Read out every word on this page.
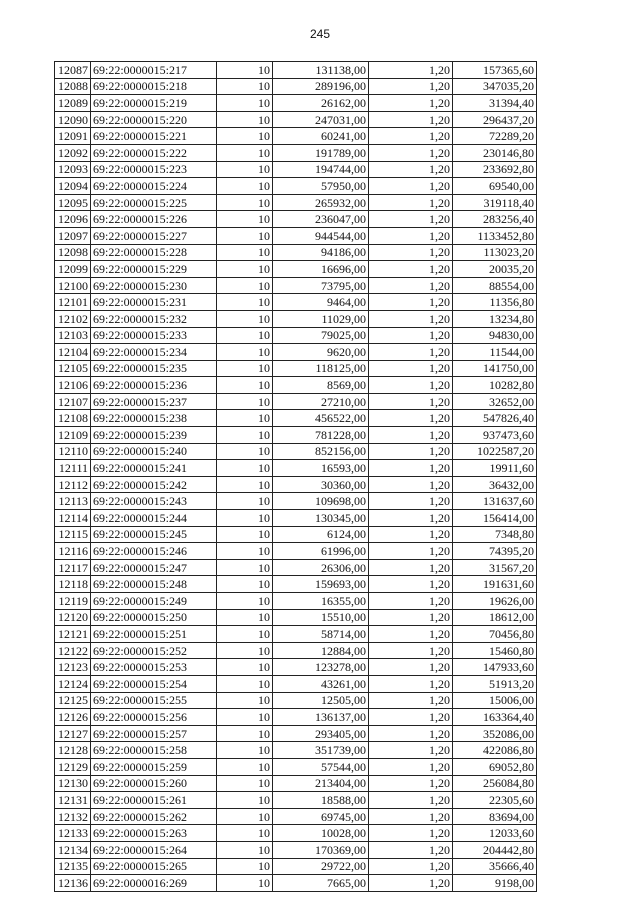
245
12087	69:22:0000015:217	10	131138,00	1,20	157365,60
12088	69:22:0000015:218	10	289196,00	1,20	347035,20
12089	69:22:0000015:219	10	26162,00	1,20	31394,40
12090	69:22:0000015:220	10	247031,00	1,20	296437,20
12091	69:22:0000015:221	10	60241,00	1,20	72289,20
12092	69:22:0000015:222	10	191789,00	1,20	230146,80
12093	69:22:0000015:223	10	194744,00	1,20	233692,80
12094	69:22:0000015:224	10	57950,00	1,20	69540,00
12095	69:22:0000015:225	10	265932,00	1,20	319118,40
12096	69:22:0000015:226	10	236047,00	1,20	283256,40
12097	69:22:0000015:227	10	944544,00	1,20	1133452,80
12098	69:22:0000015:228	10	94186,00	1,20	113023,20
12099	69:22:0000015:229	10	16696,00	1,20	20035,20
12100	69:22:0000015:230	10	73795,00	1,20	88554,00
12101	69:22:0000015:231	10	9464,00	1,20	11356,80
12102	69:22:0000015:232	10	11029,00	1,20	13234,80
12103	69:22:0000015:233	10	79025,00	1,20	94830,00
12104	69:22:0000015:234	10	9620,00	1,20	11544,00
12105	69:22:0000015:235	10	118125,00	1,20	141750,00
12106	69:22:0000015:236	10	8569,00	1,20	10282,80
12107	69:22:0000015:237	10	27210,00	1,20	32652,00
12108	69:22:0000015:238	10	456522,00	1,20	547826,40
12109	69:22:0000015:239	10	781228,00	1,20	937473,60
12110	69:22:0000015:240	10	852156,00	1,20	1022587,20
12111	69:22:0000015:241	10	16593,00	1,20	19911,60
12112	69:22:0000015:242	10	30360,00	1,20	36432,00
12113	69:22:0000015:243	10	109698,00	1,20	131637,60
12114	69:22:0000015:244	10	130345,00	1,20	156414,00
12115	69:22:0000015:245	10	6124,00	1,20	7348,80
12116	69:22:0000015:246	10	61996,00	1,20	74395,20
12117	69:22:0000015:247	10	26306,00	1,20	31567,20
12118	69:22:0000015:248	10	159693,00	1,20	191631,60
12119	69:22:0000015:249	10	16355,00	1,20	19626,00
12120	69:22:0000015:250	10	15510,00	1,20	18612,00
12121	69:22:0000015:251	10	58714,00	1,20	70456,80
12122	69:22:0000015:252	10	12884,00	1,20	15460,80
12123	69:22:0000015:253	10	123278,00	1,20	147933,60
12124	69:22:0000015:254	10	43261,00	1,20	51913,20
12125	69:22:0000015:255	10	12505,00	1,20	15006,00
12126	69:22:0000015:256	10	136137,00	1,20	163364,40
12127	69:22:0000015:257	10	293405,00	1,20	352086,00
12128	69:22:0000015:258	10	351739,00	1,20	422086,80
12129	69:22:0000015:259	10	57544,00	1,20	69052,80
12130	69:22:0000015:260	10	213404,00	1,20	256084,80
12131	69:22:0000015:261	10	18588,00	1,20	22305,60
12132	69:22:0000015:262	10	69745,00	1,20	83694,00
12133	69:22:0000015:263	10	10028,00	1,20	12033,60
12134	69:22:0000015:264	10	170369,00	1,20	204442,80
12135	69:22:0000015:265	10	29722,00	1,20	35666,40
12136	69:22:0000016:269	10	7665,00	1,20	9198,00
